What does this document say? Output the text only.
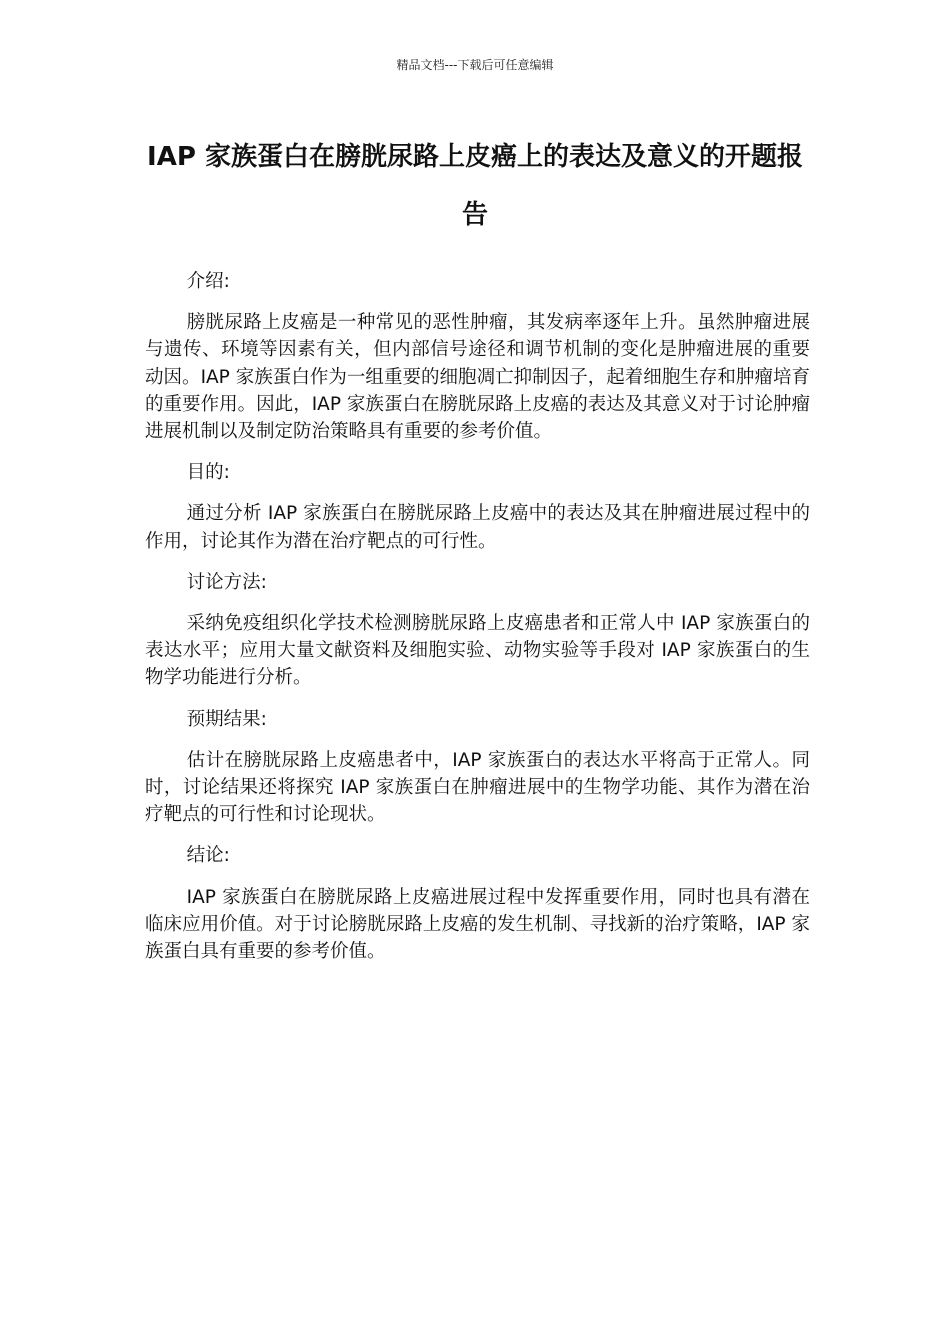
精品文档---下载后可任意编辑
IAP 家族蛋白在膀胱尿路上皮癌上的表达及意义的开题报告

介绍:

膀胱尿路上皮癌是一种常见的恶性肿瘤，其发病率逐年上升。虽然肿瘤进展与遗传、环境等因素有关，但内部信号途径和调节机制的变化是肿瘤进展的重要动因。IAP 家族蛋白作为一组重要的细胞凋亡抑制因子，起着细胞生存和肿瘤培育的重要作用。因此，IAP 家族蛋白在膀胱尿路上皮癌的表达及其意义对于讨论肿瘤进展机制以及制定防治策略具有重要的参考价值。

目的:

通过分析 IAP 家族蛋白在膀胱尿路上皮癌中的表达及其在肿瘤进展过程中的作用，讨论其作为潜在治疗靶点的可行性。

讨论方法:

采纳免疫组织化学技术检测膀胱尿路上皮癌患者和正常人中 IAP 家族蛋白的表达水平；应用大量文献资料及细胞实验、动物实验等手段对 IAP 家族蛋白的生物学功能进行分析。

预期结果:

估计在膀胱尿路上皮癌患者中，IAP 家族蛋白的表达水平将高于正常人。同时，讨论结果还将探究 IAP 家族蛋白在肿瘤进展中的生物学功能、其作为潜在治疗靶点的可行性和讨论现状。

结论:

IAP 家族蛋白在膀胱尿路上皮癌进展过程中发挥重要作用，同时也具有潜在临床应用价值。对于讨论膀胱尿路上皮癌的发生机制、寻找新的治疗策略，IAP 家族蛋白具有重要的参考价值。
